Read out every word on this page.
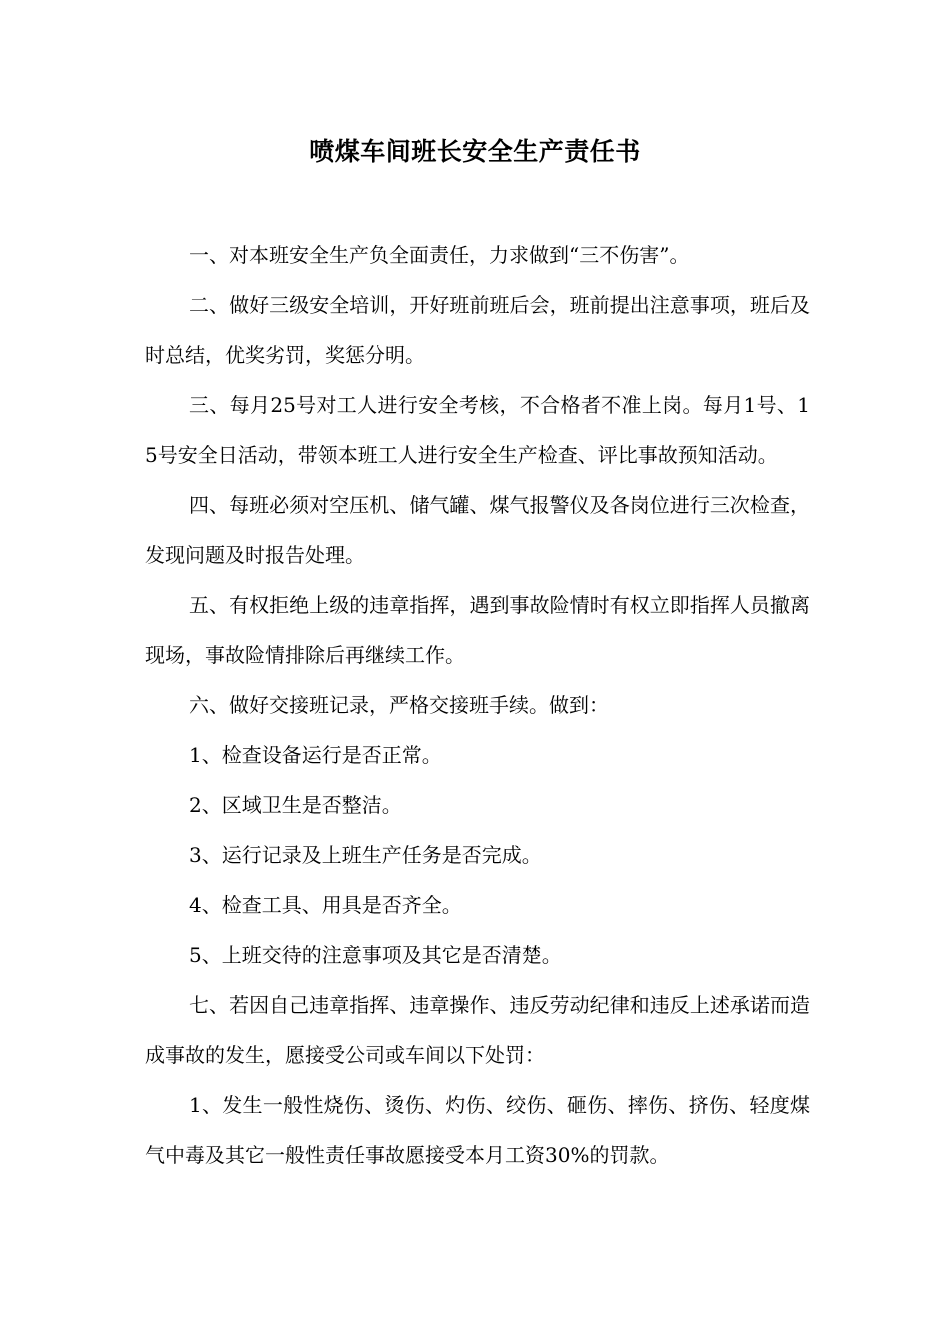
喷煤车间班长安全生产责任书

一、对本班安全生产负全面责任，力求做到“三不伤害”。

二、做好三级安全培训，开好班前班后会，班前提出注意事项，班后及时总结，优奖劣罚，奖惩分明。

三、每月25号对工人进行安全考核，不合格者不准上岗。每月1号、15号安全日活动，带领本班工人进行安全生产检查、评比事故预知活动。

四、每班必须对空压机、储气罐、煤气报警仪及各岗位进行三次检查，发现问题及时报告处理。

五、有权拒绝上级的违章指挥，遇到事故险情时有权立即指挥人员撤离现场，事故险情排除后再继续工作。

六、做好交接班记录，严格交接班手续。做到：

1、检查设备运行是否正常。

2、区域卫生是否整洁。

3、运行记录及上班生产任务是否完成。

4、检查工具、用具是否齐全。

5、上班交待的注意事项及其它是否清楚。

七、若因自己违章指挥、违章操作、违反劳动纪律和违反上述承诺而造成事故的发生，愿接受公司或车间以下处罚：

1、发生一般性烧伤、烫伤、灼伤、绞伤、砸伤、摔伤、挤伤、轻度煤气中毒及其它一般性责任事故愿接受本月工资30%的罚款。
